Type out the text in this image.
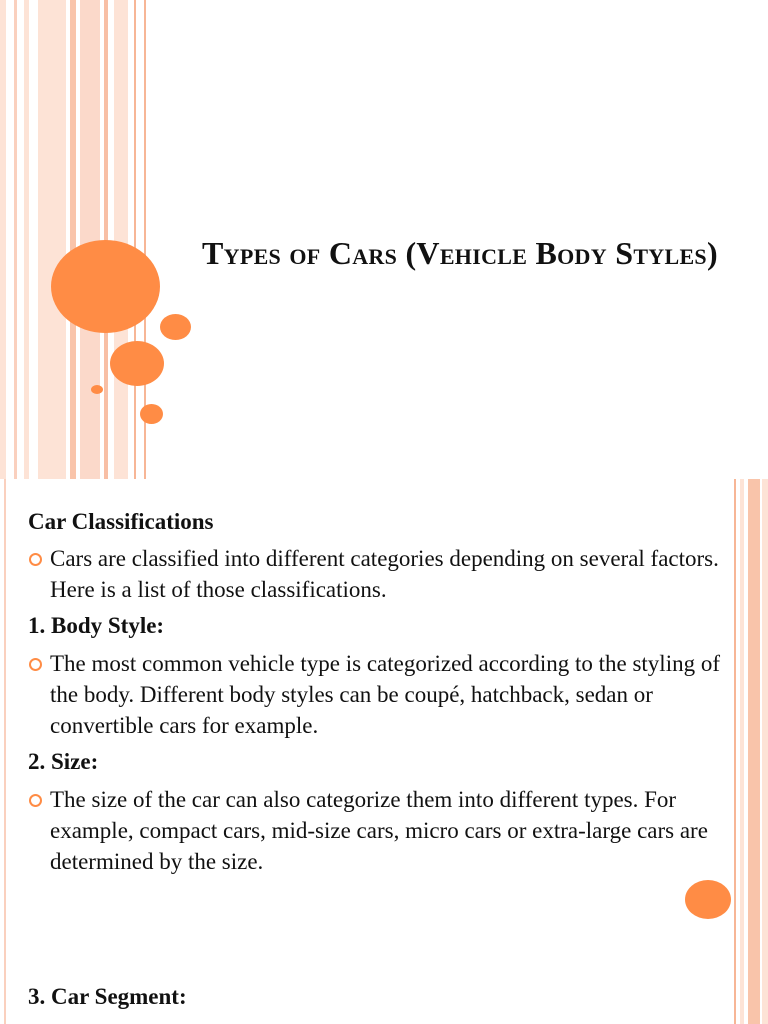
Types of Cars (Vehicle Body Styles)
Car Classifications
Cars are classified into different categories depending on several factors. Here is a list of those classifications.
1. Body Style:
The most common vehicle type is categorized according to the styling of the body. Different body styles can be coupé, hatchback, sedan or convertible cars for example.
2. Size:
The size of the car can also categorize them into different types. For example, compact cars, mid-size cars, micro cars or extra-large cars are determined by the size.
3. Car Segment:
